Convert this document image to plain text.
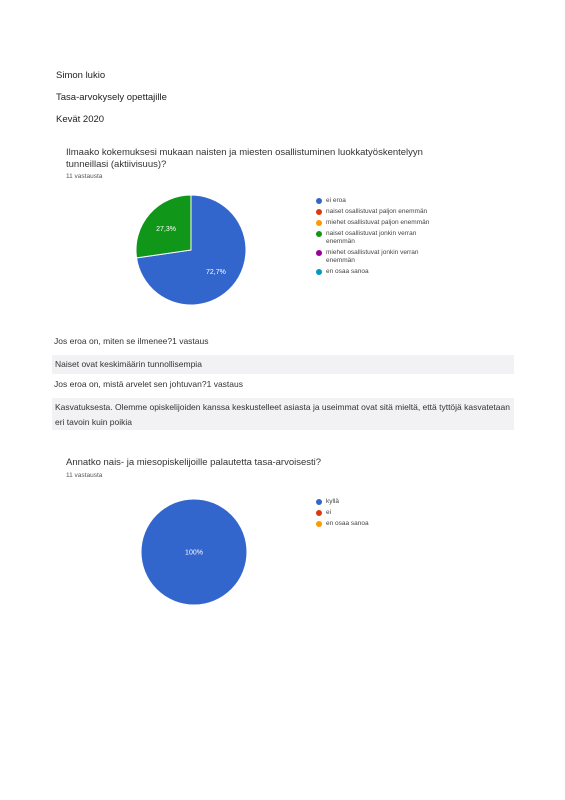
Simon lukio
Tasa-arvokysely opettajille
Kevät 2020
Ilmaako kokemuksesi mukaan naisten ja miesten osallistuminen luokkatyöskentelyyn tunneillasi (aktiivisuus)?
11 vastausta
72,7%
27,3%
ei eroa
naiset osallistuvat paljon enemmän
miehet osallistuvat paljon enemmän
naiset osallistuvat jonkin verran enemmän
miehet osallistuvat jonkin verran enemmän
en osaa sanoa
Jos eroa on, miten se ilmenee?1 vastaus
Naiset ovat keskimäärin tunnollisempia
Jos eroa on, mistä arvelet sen johtuvan?1 vastaus
Kasvatuksesta. Olemme opiskelijoiden kanssa keskustelleet asiasta ja useimmat ovat sitä mieltä, että tyttöjä kasvatetaan eri tavoin kuin poikia
Annatko nais- ja miesopiskelijoille palautetta tasa-arvoisesti?
11 vastausta
100%
kyllä
ei
en osaa sanoa
